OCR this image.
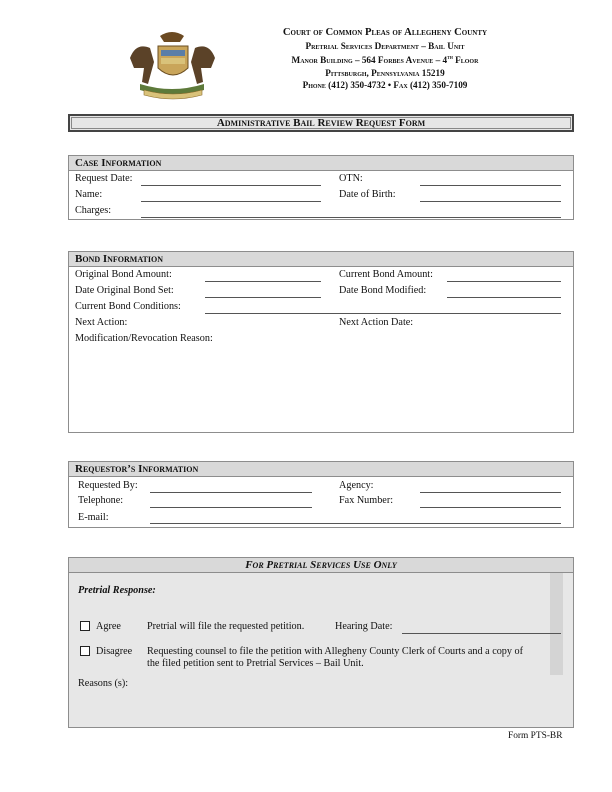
Court of Common Pleas of Allegheny County
Pretrial Services Department – Bail Unit
Manor Building – 564 Forbes Avenue – 4th Floor
Pittsburgh, Pennsylvania 15219
Phone (412) 350-4732 • Fax (412) 350-7109
Administrative Bail Review Request Form
Case Information
Request Date:	OTN:
Name:	Date of Birth:
Charges:
Bond Information
Original Bond Amount:	Current Bond Amount:
Date Original Bond Set:	Date Bond Modified:
Current Bond Conditions:
Next Action:	Next Action Date:
Modification/Revocation Reason:
Requestor’s Information
Requested By:	Agency:
Telephone:	Fax Number:
E-mail:
For Pretrial Services Use Only
Pretrial Response:
Agree	Pretrial will file the requested petition.	Hearing Date:
Disagree Requesting counsel to file the petition with Allegheny County Clerk of Courts and a copy of
the filed petition sent to Pretrial Services – Bail Unit.
Reasons (s):
Form PTS-BR
